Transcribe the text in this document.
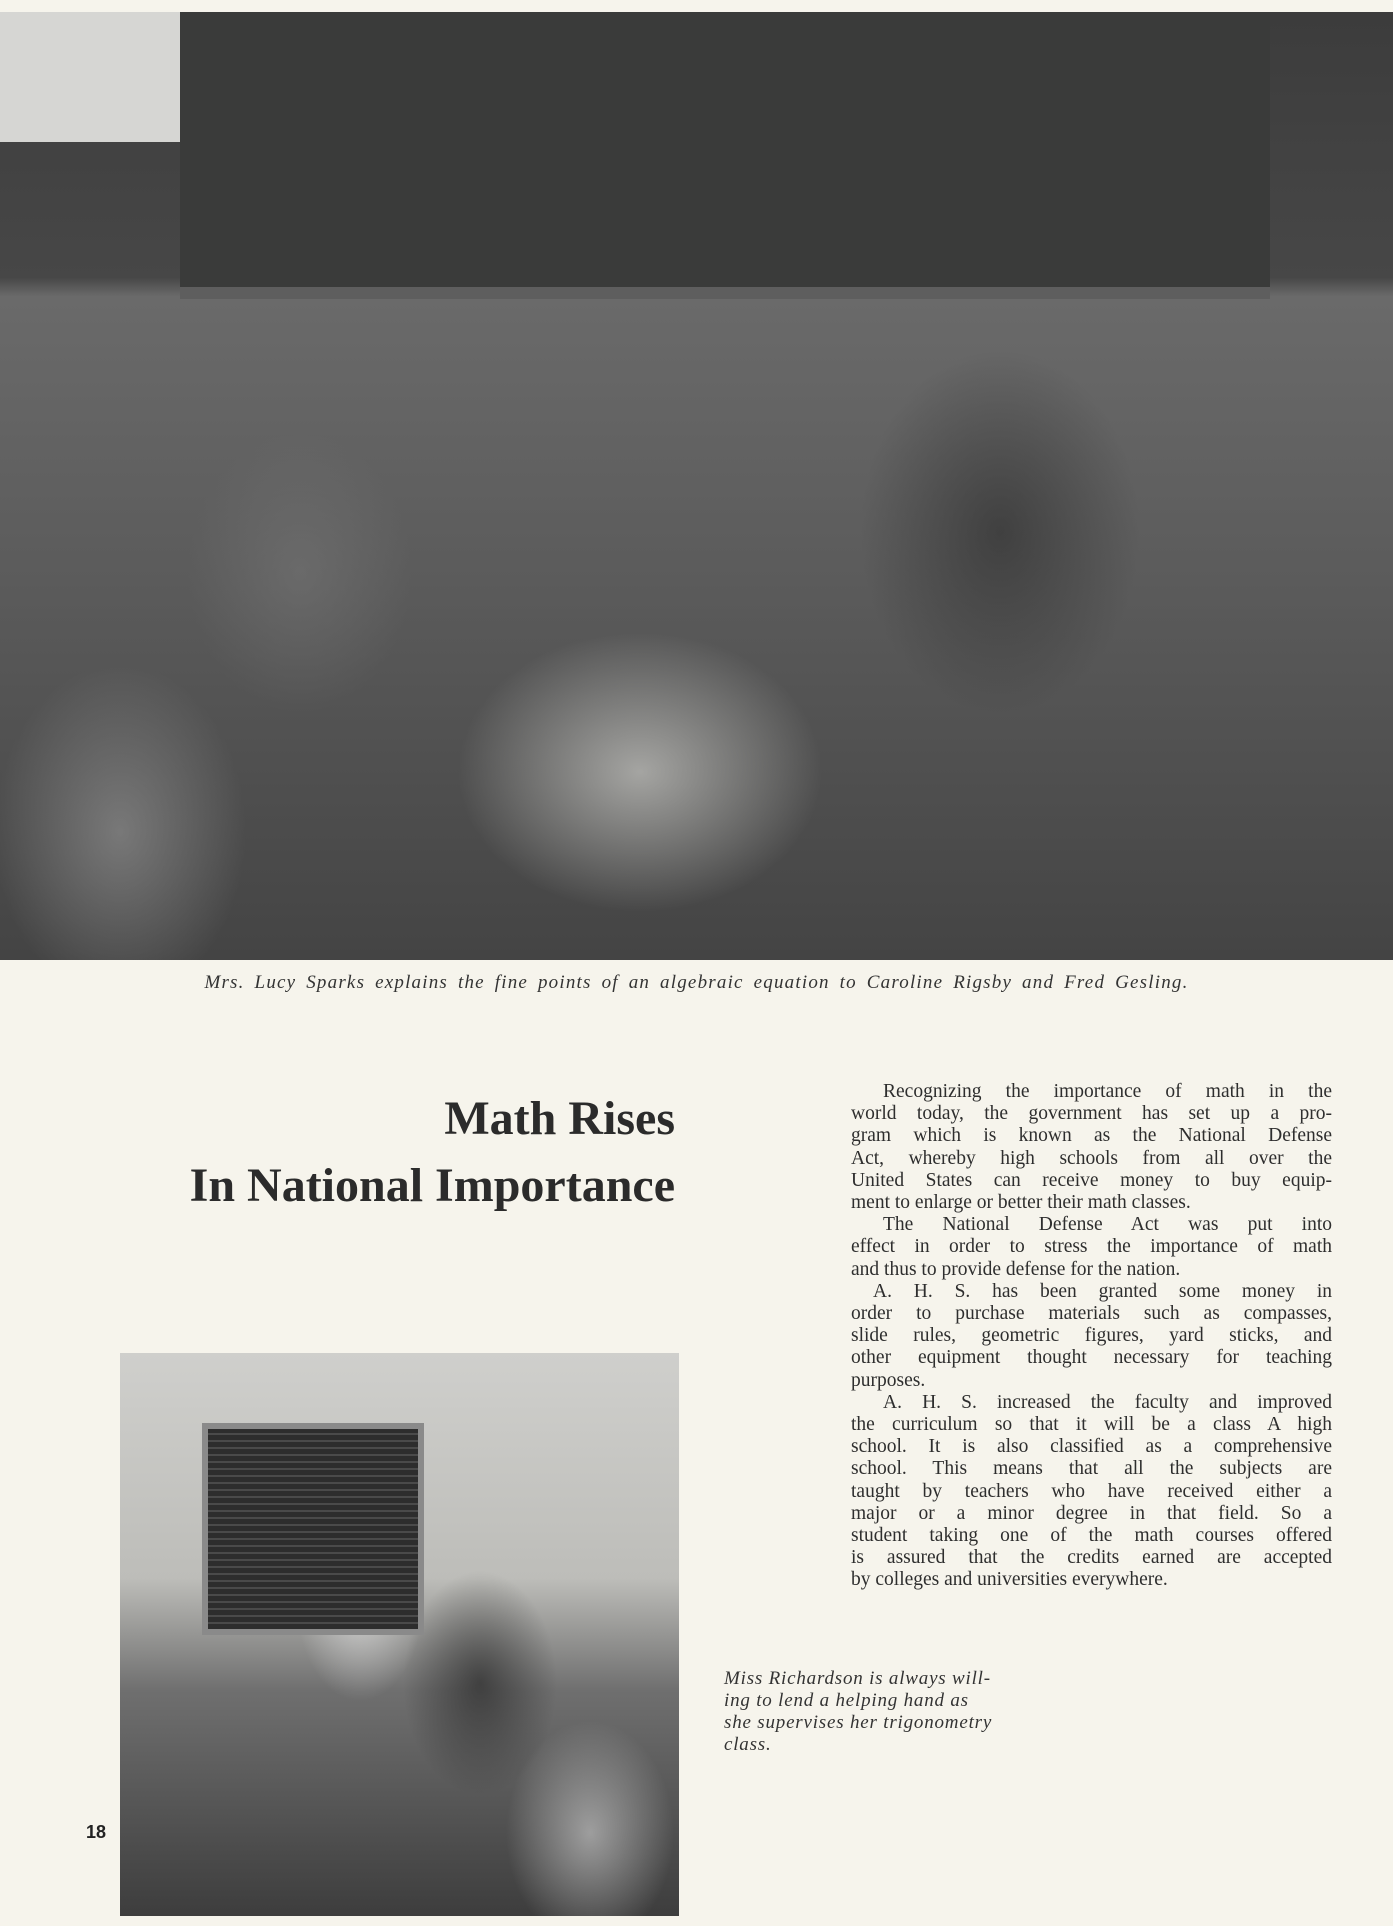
Mrs. Lucy Sparks explains the fine points of an algebraic equation to Caroline Rigsby and Fred Gesling.
Math Rises
In National Importance
Recognizing the importance of math in the
world today, the government has set up a pro-
gram which is known as the National Defense
Act, whereby high schools from all over the
United States can receive money to buy equip-
ment to enlarge or better their math classes.
The National Defense Act was put into
effect in order to stress the importance of math
and thus to provide defense for the nation.
A. H. S. has been granted some money in
order to purchase materials such as compasses,
slide rules, geometric figures, yard sticks, and
other equipment thought necessary for teaching
purposes.
A. H. S. increased the faculty and improved
the curriculum so that it will be a class A high
school. It is also classified as a comprehensive
school. This means that all the subjects are
taught by teachers who have received either a
major or a minor degree in that field. So a
student taking one of the math courses offered
is assured that the credits earned are accepted
by colleges and universities everywhere.
Miss Richardson is always will-
ing to lend a helping hand as
she supervises her trigonometry
class.
18
